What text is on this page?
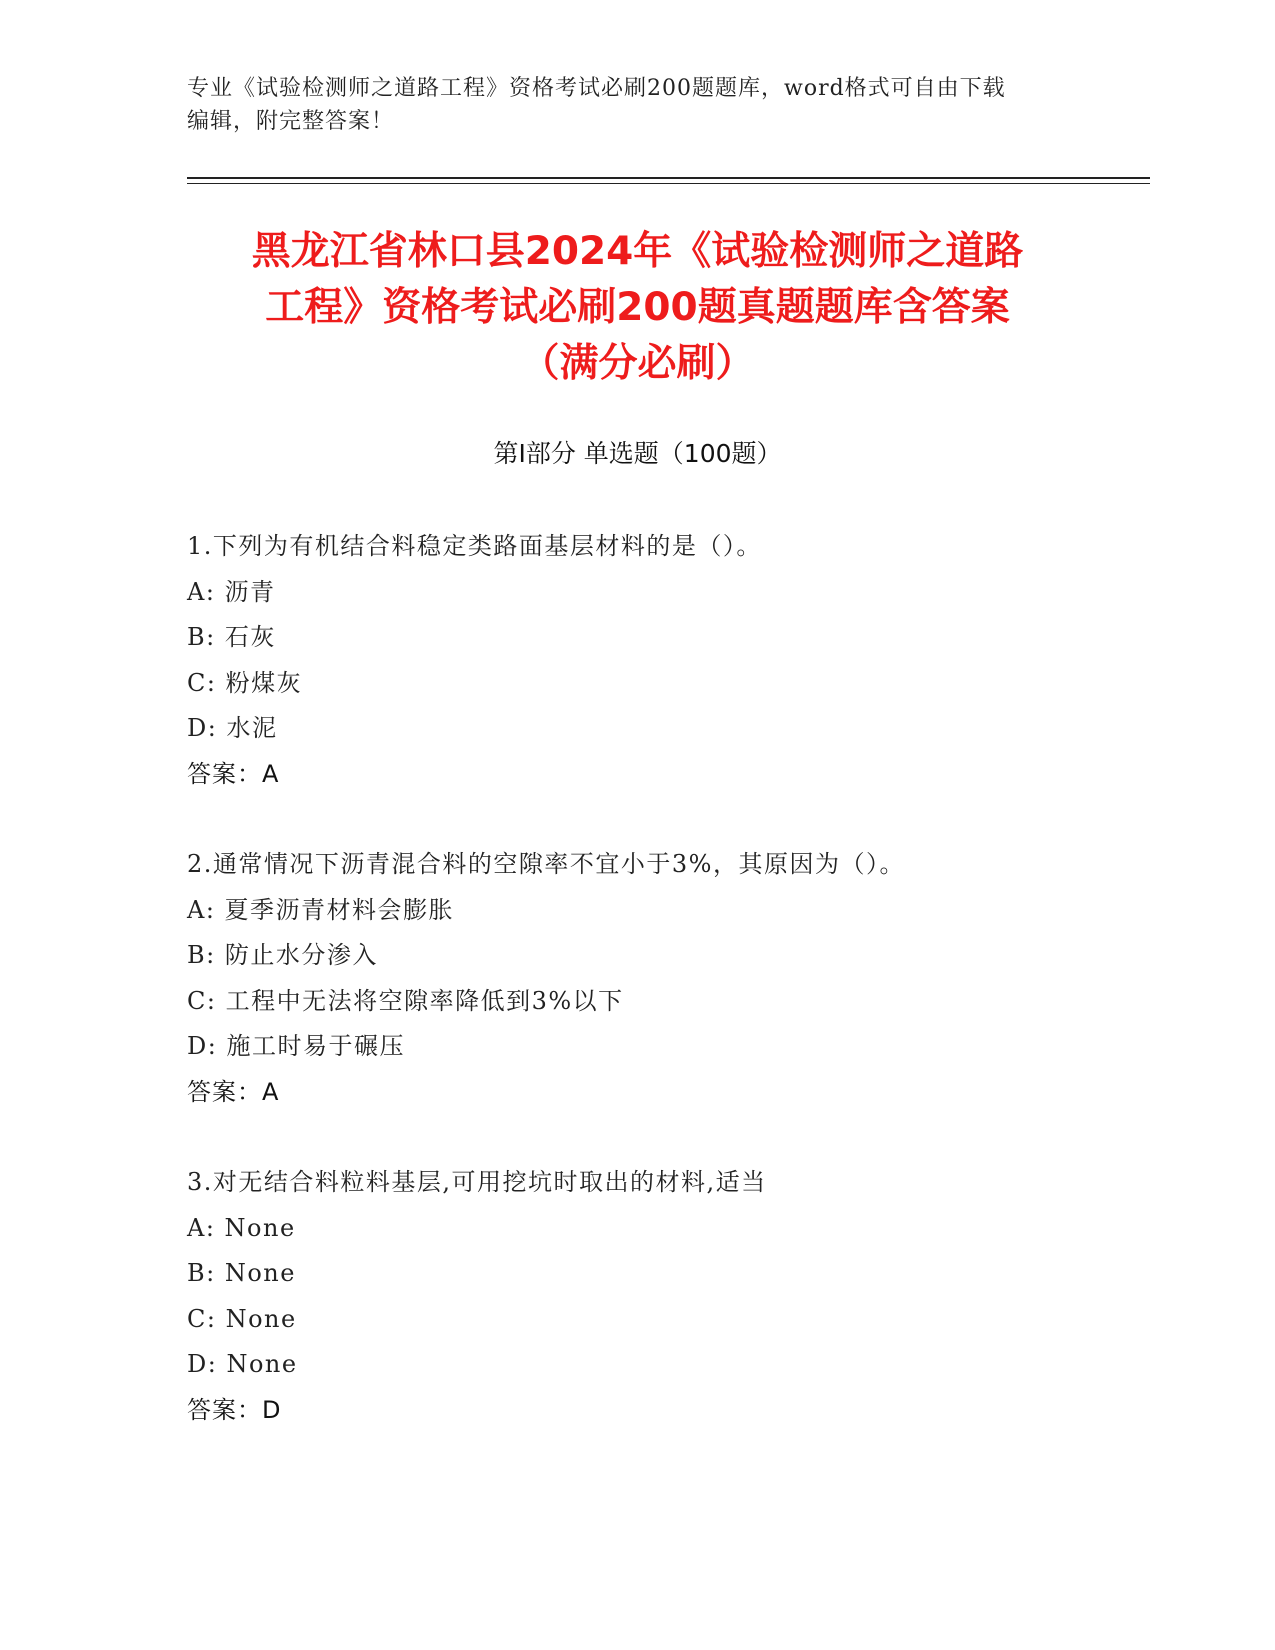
专业《试验检测师之道路工程》资格考试必刷200题题库，word格式可自由下载
编辑，附完整答案！
黑龙江省林口县2024年《试验检测师之道路
工程》资格考试必刷200题真题题库含答案
（满分必刷）
第I部分 单选题（100题）
1.下列为有机结合料稳定类路面基层材料的是（）。
A: 沥青
B: 石灰
C: 粉煤灰
D: 水泥
答案：A
2.通常情况下沥青混合料的空隙率不宜小于3%，其原因为（）。
A: 夏季沥青材料会膨胀
B: 防止水分渗入
C: 工程中无法将空隙率降低到3%以下
D: 施工时易于碾压
答案：A
3.对无结合料粒料基层,可用挖坑时取出的材料,适当
A: None
B: None
C: None
D: None
答案：D
